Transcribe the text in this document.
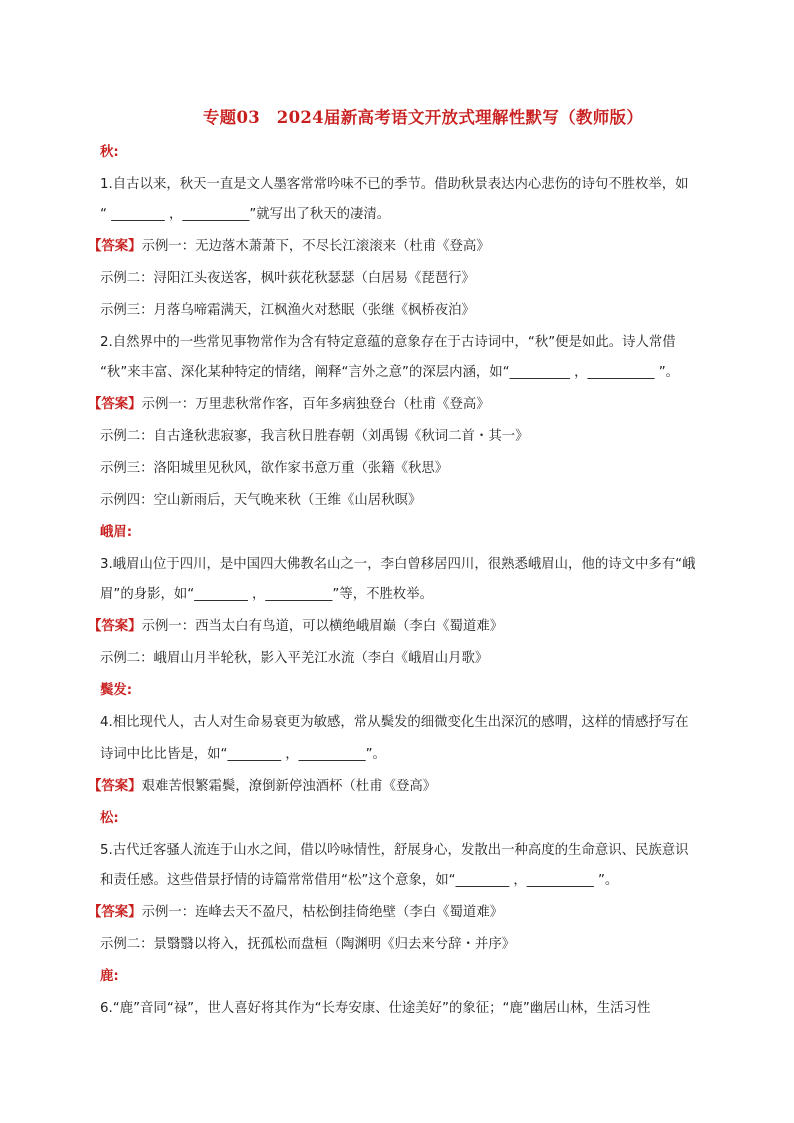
专题03　2024届新高考语文开放式理解性默写（教师版）
秋:
1.自古以来，秋天一直是文人墨客常常吟味不已的季节。借助秋景表达内心悲伤的诗句不胜枚举，如
“ ________ ，__________”就写出了秋天的凄清。
【答案】示例一：无边落木萧萧下，不尽长江滚滚来（杜甫《登高》
示例二：浔阳江头夜送客，枫叶荻花秋瑟瑟（白居易《琵琶行》
示例三：月落乌啼霜满天，江枫渔火对愁眠（张继《枫桥夜泊》
2.自然界中的一些常见事物常作为含有特定意蕴的意象存在于古诗词中，“秋”便是如此。诗人常借
“秋”来丰富、深化某种特定的情绪，阐释“言外之意”的深层内涵，如“_________ ，__________ ”。
【答案】示例一：万里悲秋常作客，百年多病独登台（杜甫《登高》
示例二：自古逢秋悲寂寥，我言秋日胜春朝（刘禹锡《秋词二首・其一》
示例三：洛阳城里见秋风，欲作家书意万重（张籍《秋思》
示例四：空山新雨后，天气晚来秋（王维《山居秋暝》
峨眉:
3.峨眉山位于四川，是中国四大佛教名山之一，李白曾移居四川，很熟悉峨眉山，他的诗文中多有“峨
眉”的身影，如“________ ，__________”等，不胜枚举。
【答案】示例一：西当太白有鸟道，可以横绝峨眉巅（李白《蜀道难》
示例二：峨眉山月半轮秋，影入平羌江水流（李白《峨眉山月歌》
鬓发:
4.相比现代人，古人对生命易衰更为敏感，常从鬓发的细微变化生出深沉的感喟，这样的情感抒写在
诗词中比比皆是，如“________ ，__________”。
【答案】艰难苦恨繁霜鬓，潦倒新停浊酒杯（杜甫《登高》
松:
5.古代迁客骚人流连于山水之间，借以吟咏情性，舒展身心，发散出一种高度的生命意识、民族意识
和责任感。这些借景抒情的诗篇常常借用“松”这个意象，如“________ ，__________ ”。
【答案】示例一：连峰去天不盈尺，枯松倒挂倚绝壁（李白《蜀道难》
示例二：景翳翳以将入，抚孤松而盘桓（陶渊明《归去来兮辞・并序》
鹿:
6.“鹿”音同“禄”，世人喜好将其作为“长寿安康、仕途美好”的象征；“鹿”幽居山林，生活习性
